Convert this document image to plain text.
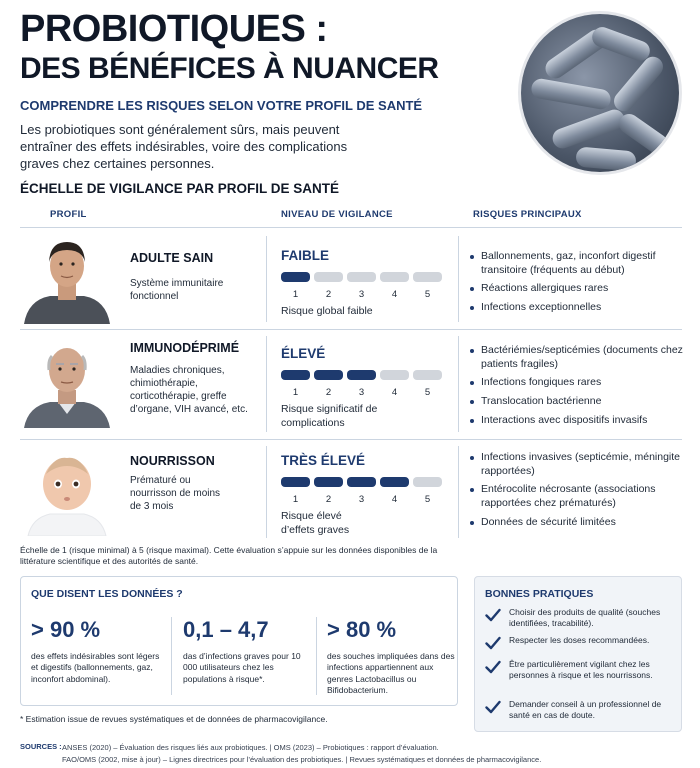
PROBIOTIQUES :
DES BÉNÉFICES À NUANCER
COMPRENDRE LES RISQUES SELON VOTRE PROFIL DE SANTÉ

Les probiotiques sont généralement sûrs, mais peuvent entraîner des effets indésirables, voire des complications graves chez certaines personnes.

ÉCHELLE DE VIGILANCE PAR PROFIL DE SANTÉ
PROFIL	NIVEAU DE VIGILANCE	RISQUES PRINCIPAUX
ADULTE SAIN
Système immunitaire fonctionnel
FAIBLE
1	2	3	4	5
Risque global faible
Ballonnements, gaz, inconfort digestif transitoire (fréquents au début)
Réactions allergiques rares
Infections exceptionnelles
IMMUNODÉPRIMÉ
Maladies chroniques, chimiothérapie, corticothérapie, greffe d’organe, VIH avancé, etc.
ÉLEVÉ
1	2	3	4	5
Risque significatif de complications
Bactériémies/septicémies (documents chez patients fragiles)
Infections fongiques rares
Translocation bactérienne
Interactions avec dispositifs invasifs
NOURRISSON
Prématuré ou nourrisson de moins de 3 mois
TRÈS ÉLEVÉ
1	2	3	4	5
Risque élevé d’effets graves
Infections invasives (septicémie, méningite rapportées)
Entérocolite nécrosante (associations rapportées chez prématurés)
Données de sécurité limitées

Échelle de 1 (risque minimal) à 5 (risque maximal). Cette évaluation s’appuie sur les données disponibles de la littérature scientifique et des autorités de santé.

QUE DISENT LES DONNÉES ?
> 90 %
des effets indésirables sont légers et digestifs (ballonnements, gaz, inconfort abdominal).
0,1 – 4,7
das d’infections graves pour 10 000 utilisateurs chez les populations à risque*.
> 80 %
des souches impliquées dans des infections appartiennent aux genres Lactobacillus ou Bifidobacterium.
BONNES PRATIQUES
Choisir des produits de qualité (souches identifiées, tracabilité).
Respecter les doses recommandées.
Être particulièrement vigilant chez les personnes à risque et les nourrissons.
Demander conseil à un professionnel de santé en cas de doute.
* Estimation issue de revues systématiques et de données de pharmacovigilance.
SOURCES : ANSES (2020) – Évaluation des risques liés aux probiotiques. | OMS (2023) – Probiotiques : rapport d’évaluation.
FAO/OMS (2002, mise à jour) – Lignes directrices pour l’évaluation des probiotiques. | Revues systématiques et données de pharmacovigilance.
